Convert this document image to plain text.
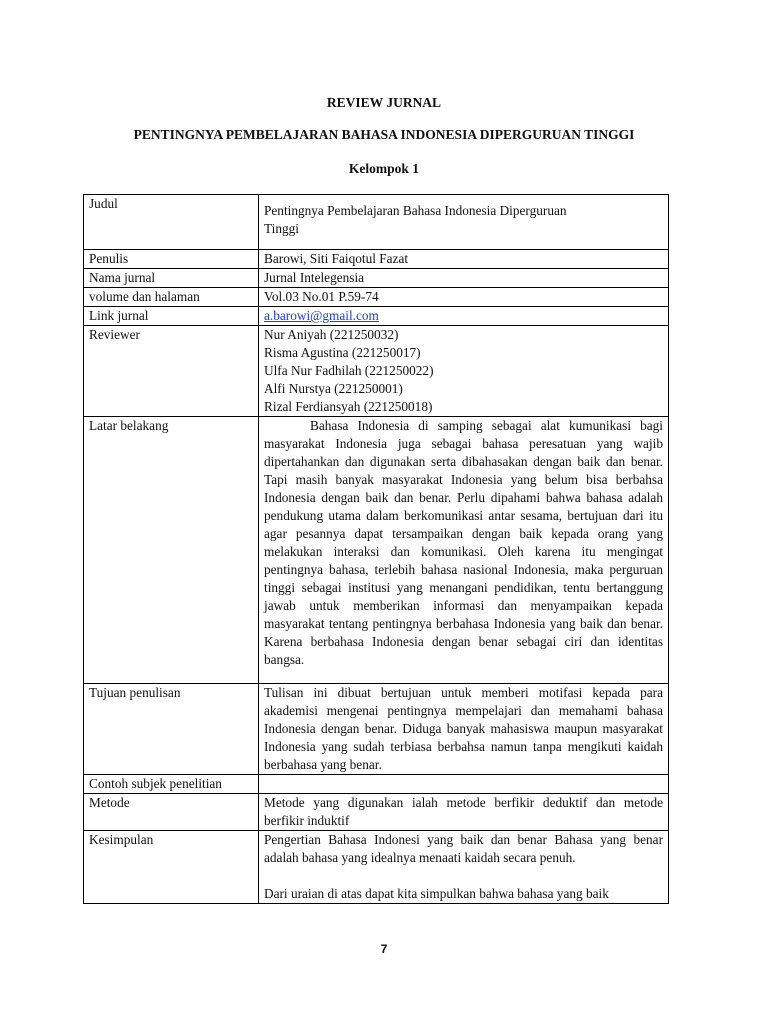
REVIEW JURNAL
PENTINGNYA PEMBELAJARAN BAHASA INDONESIA DIPERGURUAN TINGGI
Kelompok 1
Judul	Pentingnya Pembelajaran Bahasa Indonesia Diperguruan Tinggi

Penulis	Barowi, Siti Faiqotul Fazat
Nama jurnal	Jurnal Intelegensia
volume dan halaman	Vol.03 No.01 P.59-74
Link jurnal	a.barowi@gmail.com
Reviewer	Nur Aniyah (221250032)
Risma Agustina (221250017)
Ulfa Nur Fadhilah (221250022)
Alfi Nurstya (221250001)
Rizal Ferdiansyah (221250018)

Latar belakang	Bahasa Indonesia di samping sebagai alat kumunikasi bagi masyarakat Indonesia juga sebagai bahasa peresatuan yang wajib dipertahankan dan digunakan serta dibahasakan dengan baik dan benar. Tapi masih banyak masyarakat Indonesia yang belum bisa berbahsa Indonesia dengan baik dan benar. Perlu dipahami bahwa bahasa adalah pendukung utama dalam berkomunikasi antar sesama, bertujuan dari itu agar pesannya dapat tersampaikan dengan baik kepada orang yang melakukan interaksi dan komunikasi. Oleh karena itu mengingat pentingnya bahasa, terlebih bahasa nasional Indonesia, maka perguruan tinggi sebagai institusi yang menangani pendidikan, tentu bertanggung jawab untuk memberikan informasi dan menyampaikan kepada masyarakat tentang pentingnya berbahasa Indonesia yang baik dan benar. Karena berbahasa Indonesia dengan benar sebagai ciri dan identitas bangsa.
Tujuan penulisan	Tulisan ini dibuat bertujuan untuk memberi motifasi kepada para akademisi mengenai pentingnya mempelajari dan memahami bahasa Indonesia dengan benar. Diduga banyak mahasiswa maupun masyarakat Indonesia yang sudah terbiasa berbahsa namun tanpa mengikuti kaidah berbahasa yang benar.
Contoh subjek penelitian	
Metode	Metode yang digunakan ialah metode berfikir deduktif dan metode berfikir induktif
Kesimpulan	Pengertian Bahasa Indonesi yang baik dan benar Bahasa yang benar adalah bahasa yang idealnya menaati kaidah secara penuh.

Dari uraian di atas dapat kita simpulkan bahwa bahasa yang baik

7
